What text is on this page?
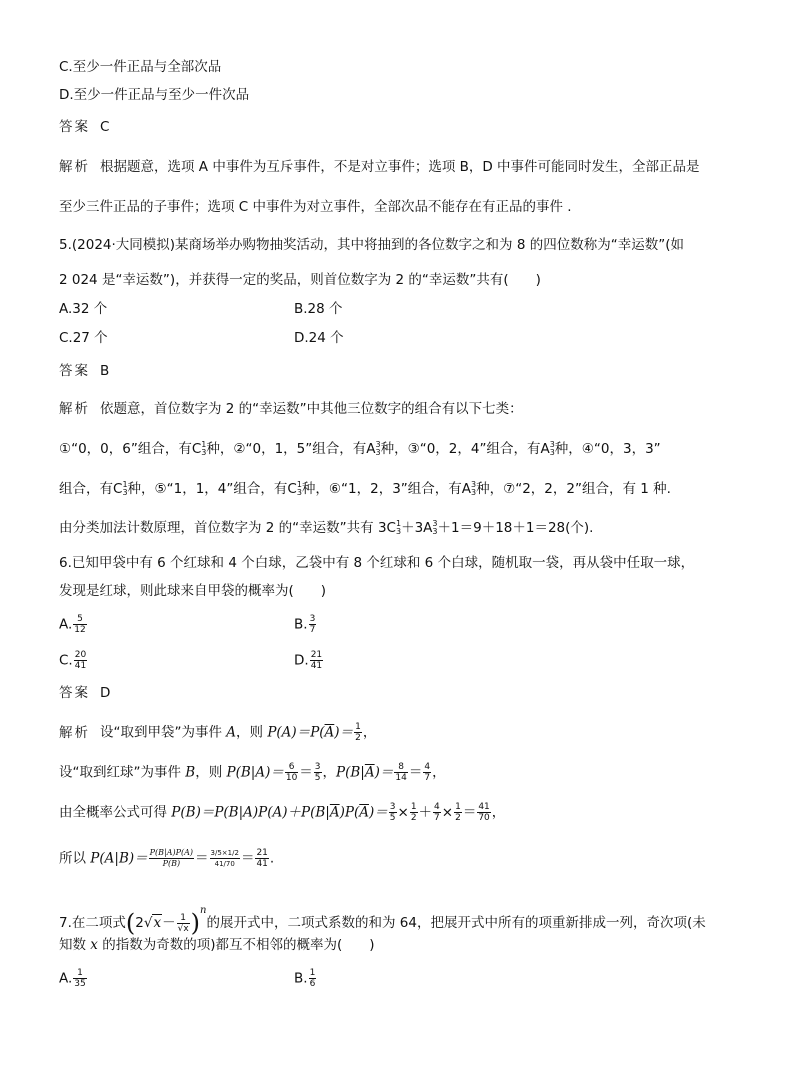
C.至少一件正品与全部次品
D.至少一件正品与至少一件次品
答案 C
解析 根据题意，选项 A 中事件为互斥事件，不是对立事件；选项 B，D 中事件可能同时发生，全部正品是
至少三件正品的子事件；选项 C 中事件为对立事件，全部次品不能存在有正品的事件 .
5.(2024·大同模拟)某商场举办购物抽奖活动，其中将抽到的各位数字之和为 8 的四位数称为“幸运数”(如
2 024 是“幸运数”)，并获得一定的奖品，则首位数字为 2 的“幸运数”共有(　　)
A.32 个	B.28 个
C.27 个	D.24 个
答案 B
解析 依题意，首位数字为 2 的“幸运数”中其他三位数字的组合有以下七类：
①“0，0，6”组合，有C 1
3 种，②“0，1，5”组合，有A 3
3 种，③“0，2，4”组合，有A 3
3 种，④“0，3，3”
组合，有C 1
3 种，⑤“1，1，4”组合，有C 1
3 种，⑥“1，2，3”组合，有A 3
3 种，⑦“2，2，2”组合，有 1 种.
由分类加法计数原理，首位数字为 2 的“幸运数”共有 3C 1
3 ＋3A 3
3 ＋1＝9＋18＋1＝28(个).
6.已知甲袋中有 6 个红球和 4 个白球，乙袋中有 8 个红球和 6 个白球，随机取一袋，再从袋中任取一球，
发现是红球，则此球来自甲袋的概率为(　　)
A. $\frac{5}{12}$	B. $\frac{3}{7}$
C. $\frac{20}{41}$	D. $\frac{21}{41}$
答案 D
解析 设“取到甲袋”为事件 A，则 $P(A)=P(\overline{A})= \frac{1}{2}$ ，
设“取到红球”为事件 B，则 $P(B|A)= \frac{6}{10} = \frac{3}{5}$ ，$P(B|\overline{A})= \frac{8}{14} = \frac{4}{7}$ ，
由全概率公式可得 $P(B)=P(B|A)P(A)+P(B|\overline{A})P(\overline{A})= \frac{3}{5} \times \frac{1}{2} + \frac{4}{7} \times \frac{1}{2} = \frac{41}{70}$ ，
所以 $P(A|B)= \frac{P(B|A)P(A)}{P(B)} = \frac{3/5\times 1/2}{41/70} = \frac{21}{41}$ .
7.在二项式$(2√x- \frac{1}{√x} )^n$的展开式中，二项式系数的和为 64，把展开式中所有的项重新排成一列，奇次项(未
知数 x 的指数为奇数的项)都互不相邻的概率为(　　)
A. $\frac{1}{35}$	B. $\frac{1}{6}$
